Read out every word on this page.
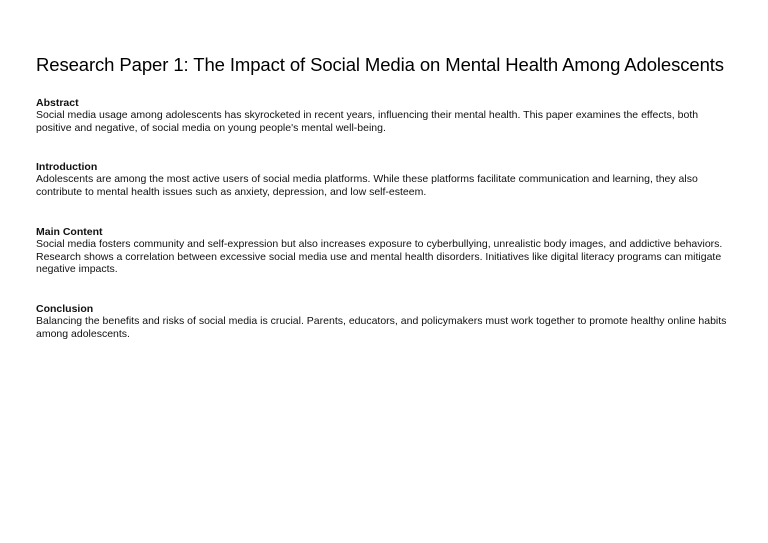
Research Paper 1: The Impact of Social Media on Mental Health Among Adolescents
Abstract

Social media usage among adolescents has skyrocketed in recent years, influencing their mental health. This paper examines the effects, both positive and negative, of social media on young people's mental well-being.

Introduction

Adolescents are among the most active users of social media platforms. While these platforms facilitate communication and learning, they also contribute to mental health issues such as anxiety, depression, and low self-esteem.

Main Content

Social media fosters community and self-expression but also increases exposure to cyberbullying, unrealistic body images, and addictive behaviors. Research shows a correlation between excessive social media use and mental health disorders. Initiatives like digital literacy programs can mitigate negative impacts.

Conclusion

Balancing the benefits and risks of social media is crucial. Parents, educators, and policymakers must work together to promote healthy online habits among adolescents.
